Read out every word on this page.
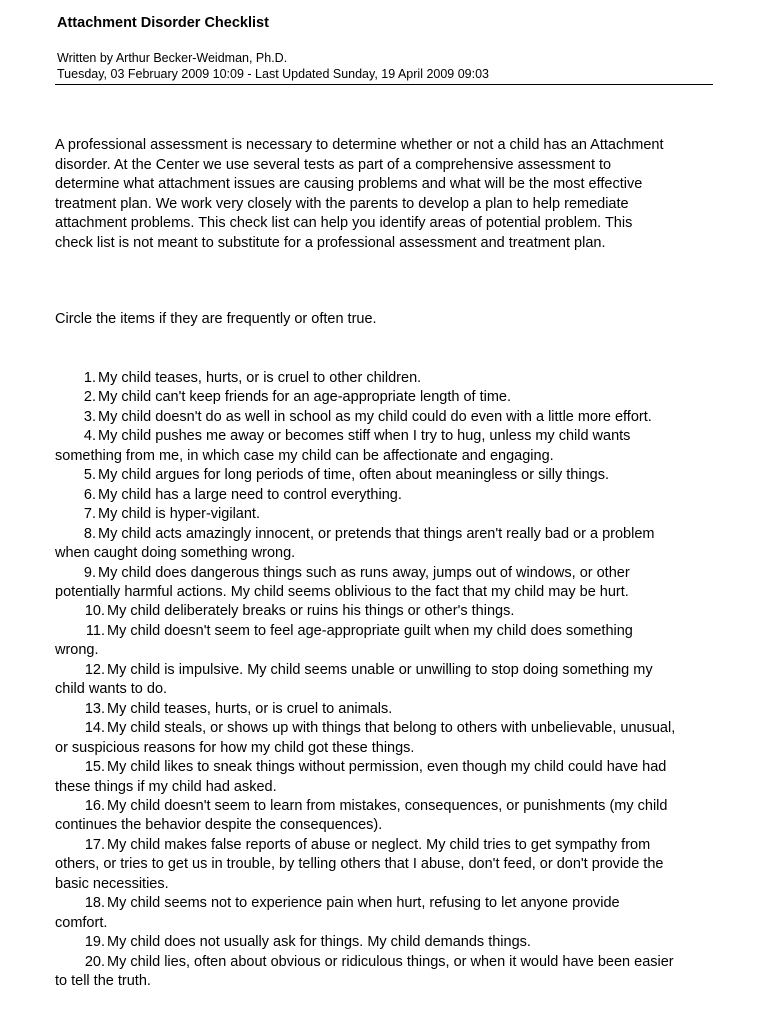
Attachment Disorder Checklist
Written by Arthur Becker-Weidman, Ph.D.
Tuesday, 03 February 2009 10:09 - Last Updated Sunday, 19 April 2009 09:03

A professional assessment is necessary to determine whether or not a child has an Attachment

disorder. At the Center we use several tests as part of a comprehensive assessment to

determine what attachment issues are causing problems and what will be the most effective

treatment plan. We work very closely with the parents to develop a plan to help remediate

attachment problems. This check list can help you identify areas of potential problem. This

check list is not meant to substitute for a professional assessment and treatment plan.

Circle the items if they are frequently or often true.
1. My child teases, hurts, or is cruel to other children.
2. My child can't keep friends for an age-appropriate length of time.
3. My child doesn't do as well in school as my child could do even with a little more effort.
4. My child pushes me away or becomes stiff when I try to hug, unless my child wants
something from me, in which case my child can be affectionate and engaging.
5. My child argues for long periods of time, often about meaningless or silly things.
6. My child has a large need to control everything.
7. My child is hyper-vigilant.
8. My child acts amazingly innocent, or pretends that things aren't really bad or a problem
when caught doing something wrong.
9. My child does dangerous things such as runs away, jumps out of windows, or other
potentially harmful actions. My child seems oblivious to the fact that my child may be hurt.
10. My child deliberately breaks or ruins his things or other's things.
11. My child doesn't seem to feel age-appropriate guilt when my child does something
wrong.
12. My child is impulsive. My child seems unable or unwilling to stop doing something my
child wants to do.
13. My child teases, hurts, or is cruel to animals.
14. My child steals, or shows up with things that belong to others with unbelievable, unusual,
or suspicious reasons for how my child got these things.
15. My child likes to sneak things without permission, even though my child could have had
these things if my child had asked.
16. My child doesn't seem to learn from mistakes, consequences, or punishments (my child
continues the behavior despite the consequences).
17. My child makes false reports of abuse or neglect. My child tries to get sympathy from
others, or tries to get us in trouble, by telling others that I abuse, don't feed, or don't provide the
basic necessities.
18. My child seems not to experience pain when hurt, refusing to let anyone provide
comfort.
19. My child does not usually ask for things. My child demands things.
20. My child lies, often about obvious or ridiculous things, or when it would have been easier
to tell the truth.
